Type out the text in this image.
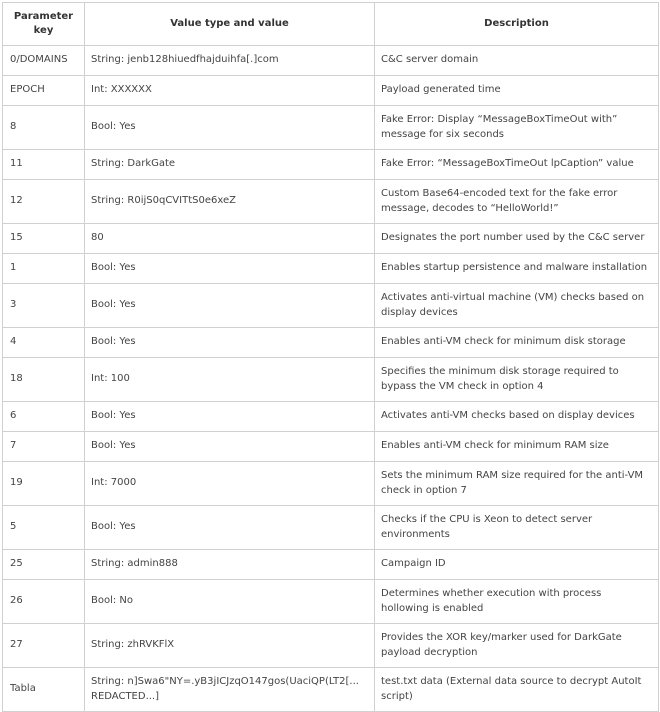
Parameter key	Value type and value	Description
0/DOMAINS	String: jenb128hiuedfhajduihfa[.]com	C&C server domain
EPOCH	Int: XXXXXX	Payload generated time
8	Bool: Yes	Fake Error: Display “MessageBoxTimeOut with” message for six seconds
11	String: DarkGate	Fake Error: “MessageBoxTimeOut lpCaption” value
12	String: R0ijS0qCVITtS0e6xeZ	Custom Base64-encoded text for the fake error message, decodes to “HelloWorld!”
15	80	Designates the port number used by the C&C server
1	Bool: Yes	Enables startup persistence and malware installation
3	Bool: Yes	Activates anti-virtual machine (VM) checks based on display devices
4	Bool: Yes	Enables anti-VM check for minimum disk storage
18	Int: 100	Specifies the minimum disk storage required to bypass the VM check in option 4
6	Bool: Yes	Activates anti-VM checks based on display devices
7	Bool: Yes	Enables anti-VM check for minimum RAM size
19	Int: 7000	Sets the minimum RAM size required for the anti-VM check in option 7
5	Bool: Yes	Checks if the CPU is Xeon to detect server environments
25	String: admin888	Campaign ID
26	Bool: No	Determines whether execution with process hollowing is enabled
27	String: zhRVKFlX	Provides the XOR key/marker used for DarkGate payload decryption
Tabla	String: n]Swa6"NY=.yB3jICJzqO147gos(UaciQP(LT2[... REDACTED...]	test.txt data (External data source to decrypt AutoIt script)
